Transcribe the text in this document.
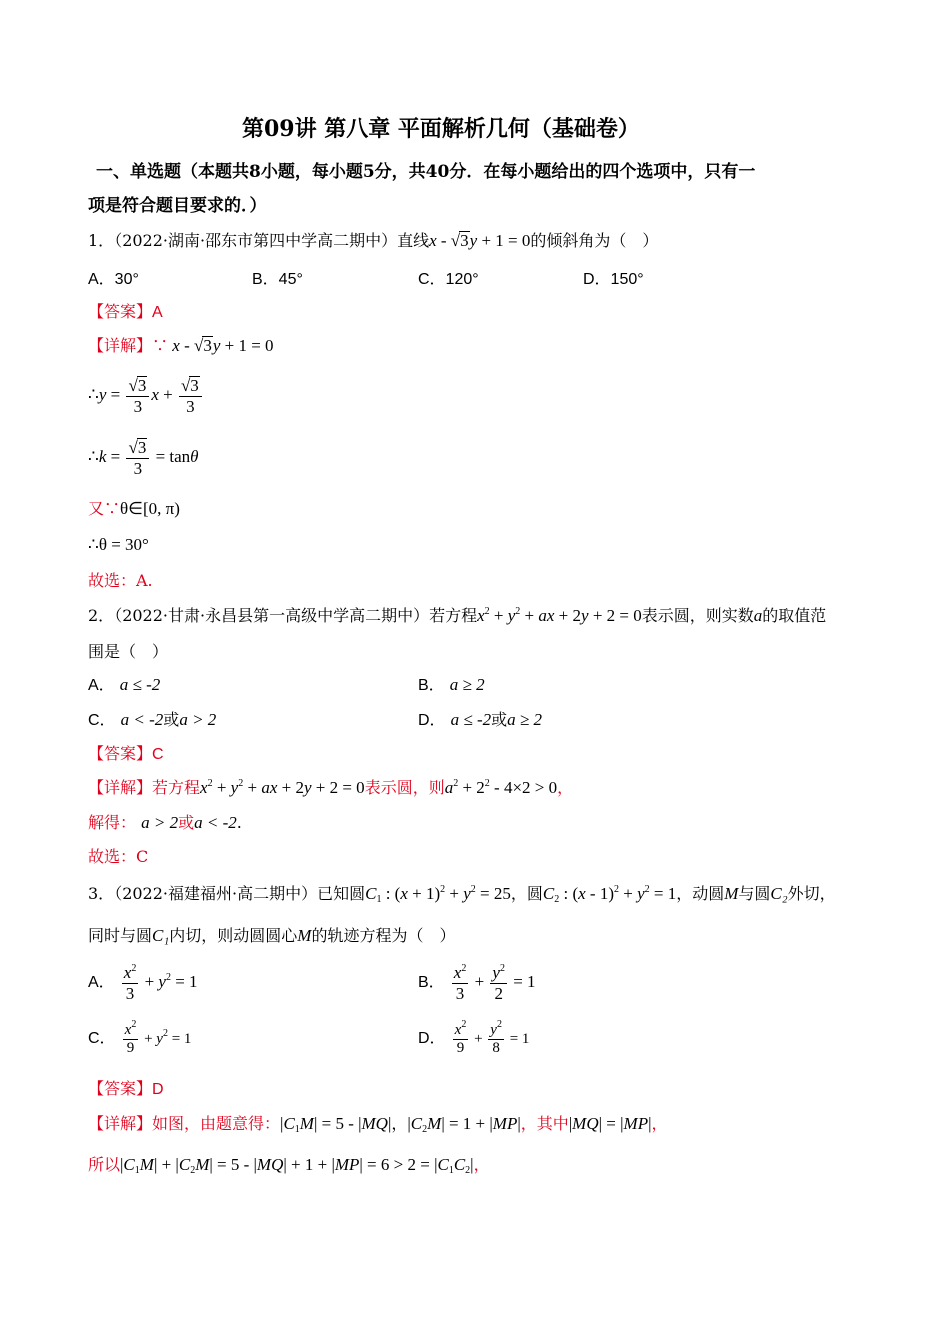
第09讲 第八章 平面解析几何（基础卷）
一、单选题（本题共8小题，每小题5分，共40分．在每小题给出的四个选项中，只有一
项是符合题目要求的．）
1．（2022·湖南·邵东市第四中学高二期中）直线x - √3y + 1 = 0的倾斜角为（　）
A．30°	B．45°	C．120°	D．150°
【答案】A
【详解】∵ x - √3y + 1 = 0
∴y = $\frac{√3}{3}$ $x + \frac{√3}{3}$
∴k = $\frac{√3}{3} = \tan\theta$
又∵θ∈[0, π)
∴θ = 30°
故选：A.
2．（2022·甘肃·永昌县第一高级中学高二期中）若方程$x^2 + y^2$ + ax + 2y + 2 = 0表示圆，则实数a的取值范
围是（　）
A． a ≤ -2	B． a ≥ 2
C． a < -2或a > 2	D． a ≤ -2或a ≥ 2
【答案】C
【详解】若方程$x^2 + y^2$ + ax + 2y + 2 = 0表示圆，则$a^2 + 2^2 - 4\times 2 > 0$，
解得： a > 2或a < -2.
故选：C
3．（2022·福建福州·高二期中）已知圆$C_1$ : $(x + 1)^2 + y^2 = 25$，圆$C_2$ : $(x - 1)^2 + y^2 = 1$，动圆M与圆C₂外切，
同时与圆C₁内切，则动圆圆心M的轨迹方程为（　）
A． $\frac{x^2}{3} + y^2 = 1$	B． $\frac{x^2}{3} + \frac{y^2}{2} = 1$
C． $\frac{x^2}{9} + y^2 = 1$	D． $\frac{x^2}{9} + \frac{y^2}{8} = 1$
【答案】D
【详解】如图，由题意得：$|C_1M| = 5 - |MQ|$，$|C_2M| = 1 + |MP|$，其中|MQ| = |MP|，
所以$|C_1M| + |C_2M| = 5 - |MQ| + 1 + |MP| = 6 > 2 = |C_1C_2|$，
